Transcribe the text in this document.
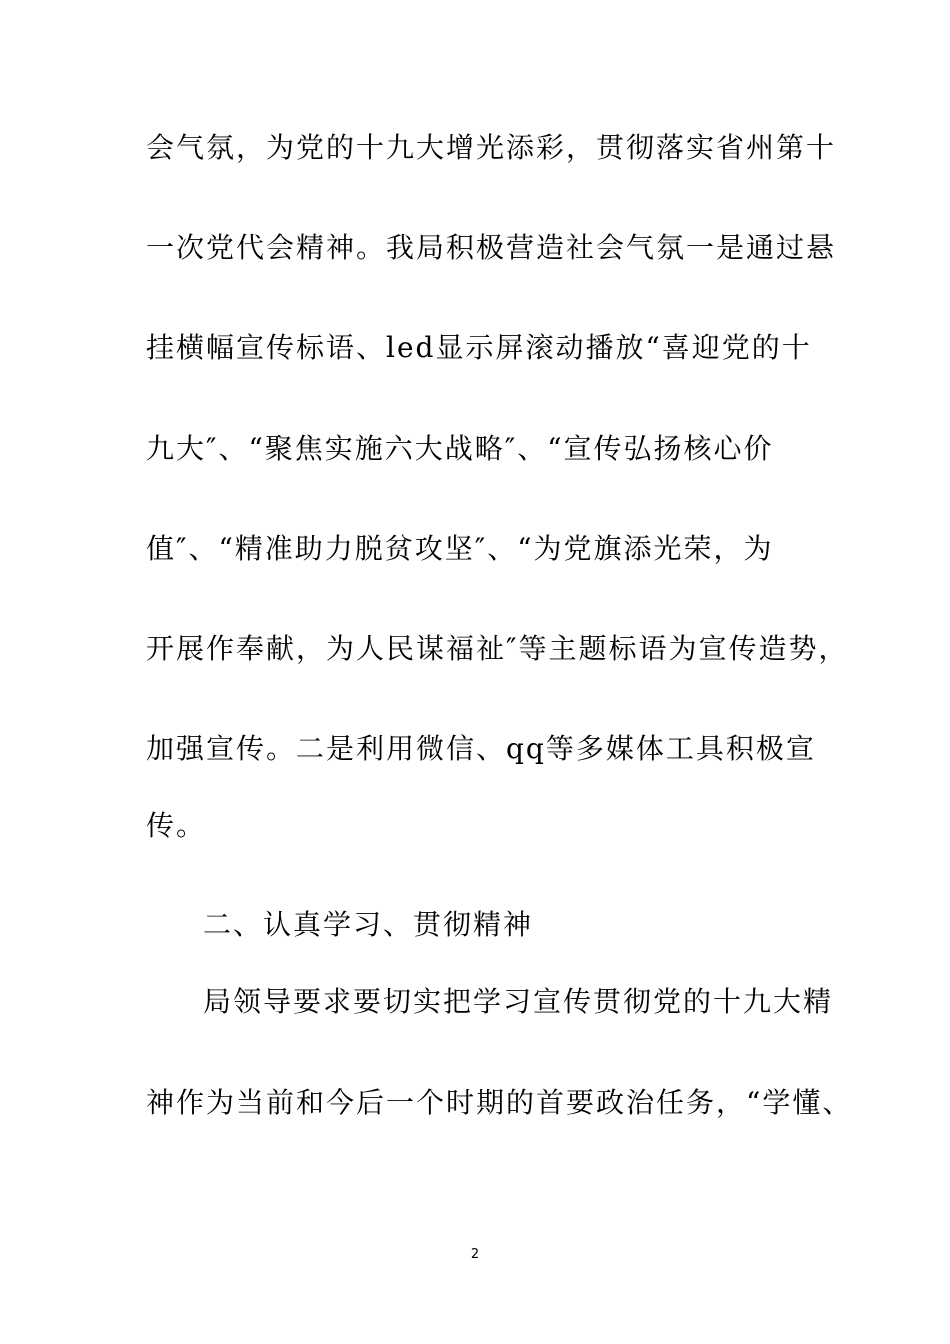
会气氛，为党的十九大增光添彩，贯彻落实省州第十
一次党代会精神。我局积极营造社会气氛一是通过悬
挂横幅宣传标语、led显示屏滚动播放“喜迎党的十
九大″、“聚焦实施六大战略″、“宣传弘扬核心价
值″、“精准助力脱贫攻坚″、“为党旗添光荣，为
开展作奉献，为人民谋福祉″等主题标语为宣传造势，
加强宣传。二是利用微信、qq等多媒体工具积极宣
传。
二、认真学习、贯彻精神
局领导要求要切实把学习宣传贯彻党的十九大精
神作为当前和今后一个时期的首要政治任务，“学懂、
2
